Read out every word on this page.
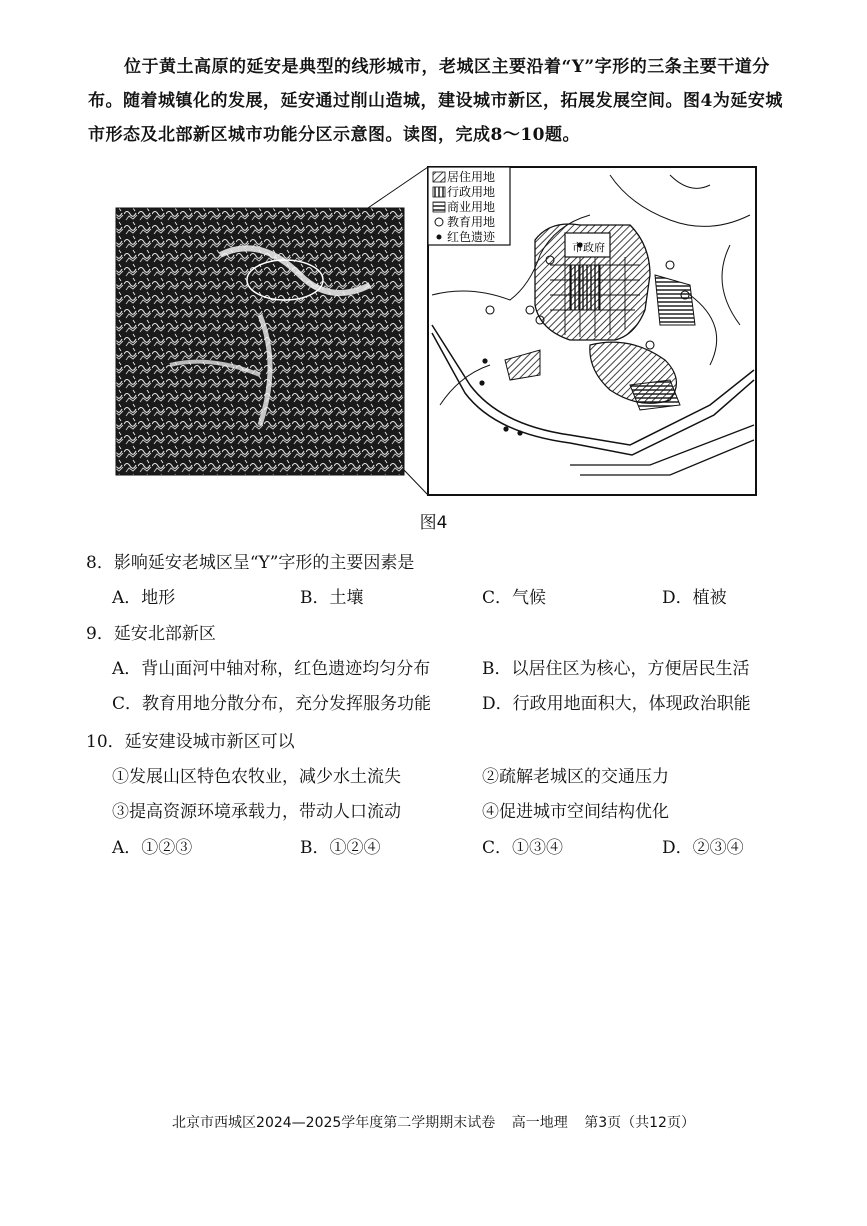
位于黄土高原的延安是典型的线形城市，老城区主要沿着“Y”字形的三条主要干道分布。随着城镇化的发展，延安通过削山造城，建设城市新区，拓展发展空间。图4为延安城市形态及北部新区城市功能分区示意图。读图，完成8～10题。
市政府
居住用地
行政用地
商业用地
教育用地
红色遗迹
图4
8．影响延安老城区呈“Y”字形的主要因素是
A．地形	B．土壤	C．气候	D．植被
9．延安北部新区
A．背山面河中轴对称，红色遗迹均匀分布	B．以居住区为核心，方便居民生活
C．教育用地分散分布，充分发挥服务功能	D．行政用地面积大，体现政治职能
10．延安建设城市新区可以
①发展山区特色农牧业，减少水土流失	②疏解老城区的交通压力
③提高资源环境承载力，带动人口流动	④促进城市空间结构优化
A．①②③	B．①②④	C．①③④	D．②③④
北京市西城区2024—2025学年度第二学期期末试卷 高一地理 第3页（共12页）
